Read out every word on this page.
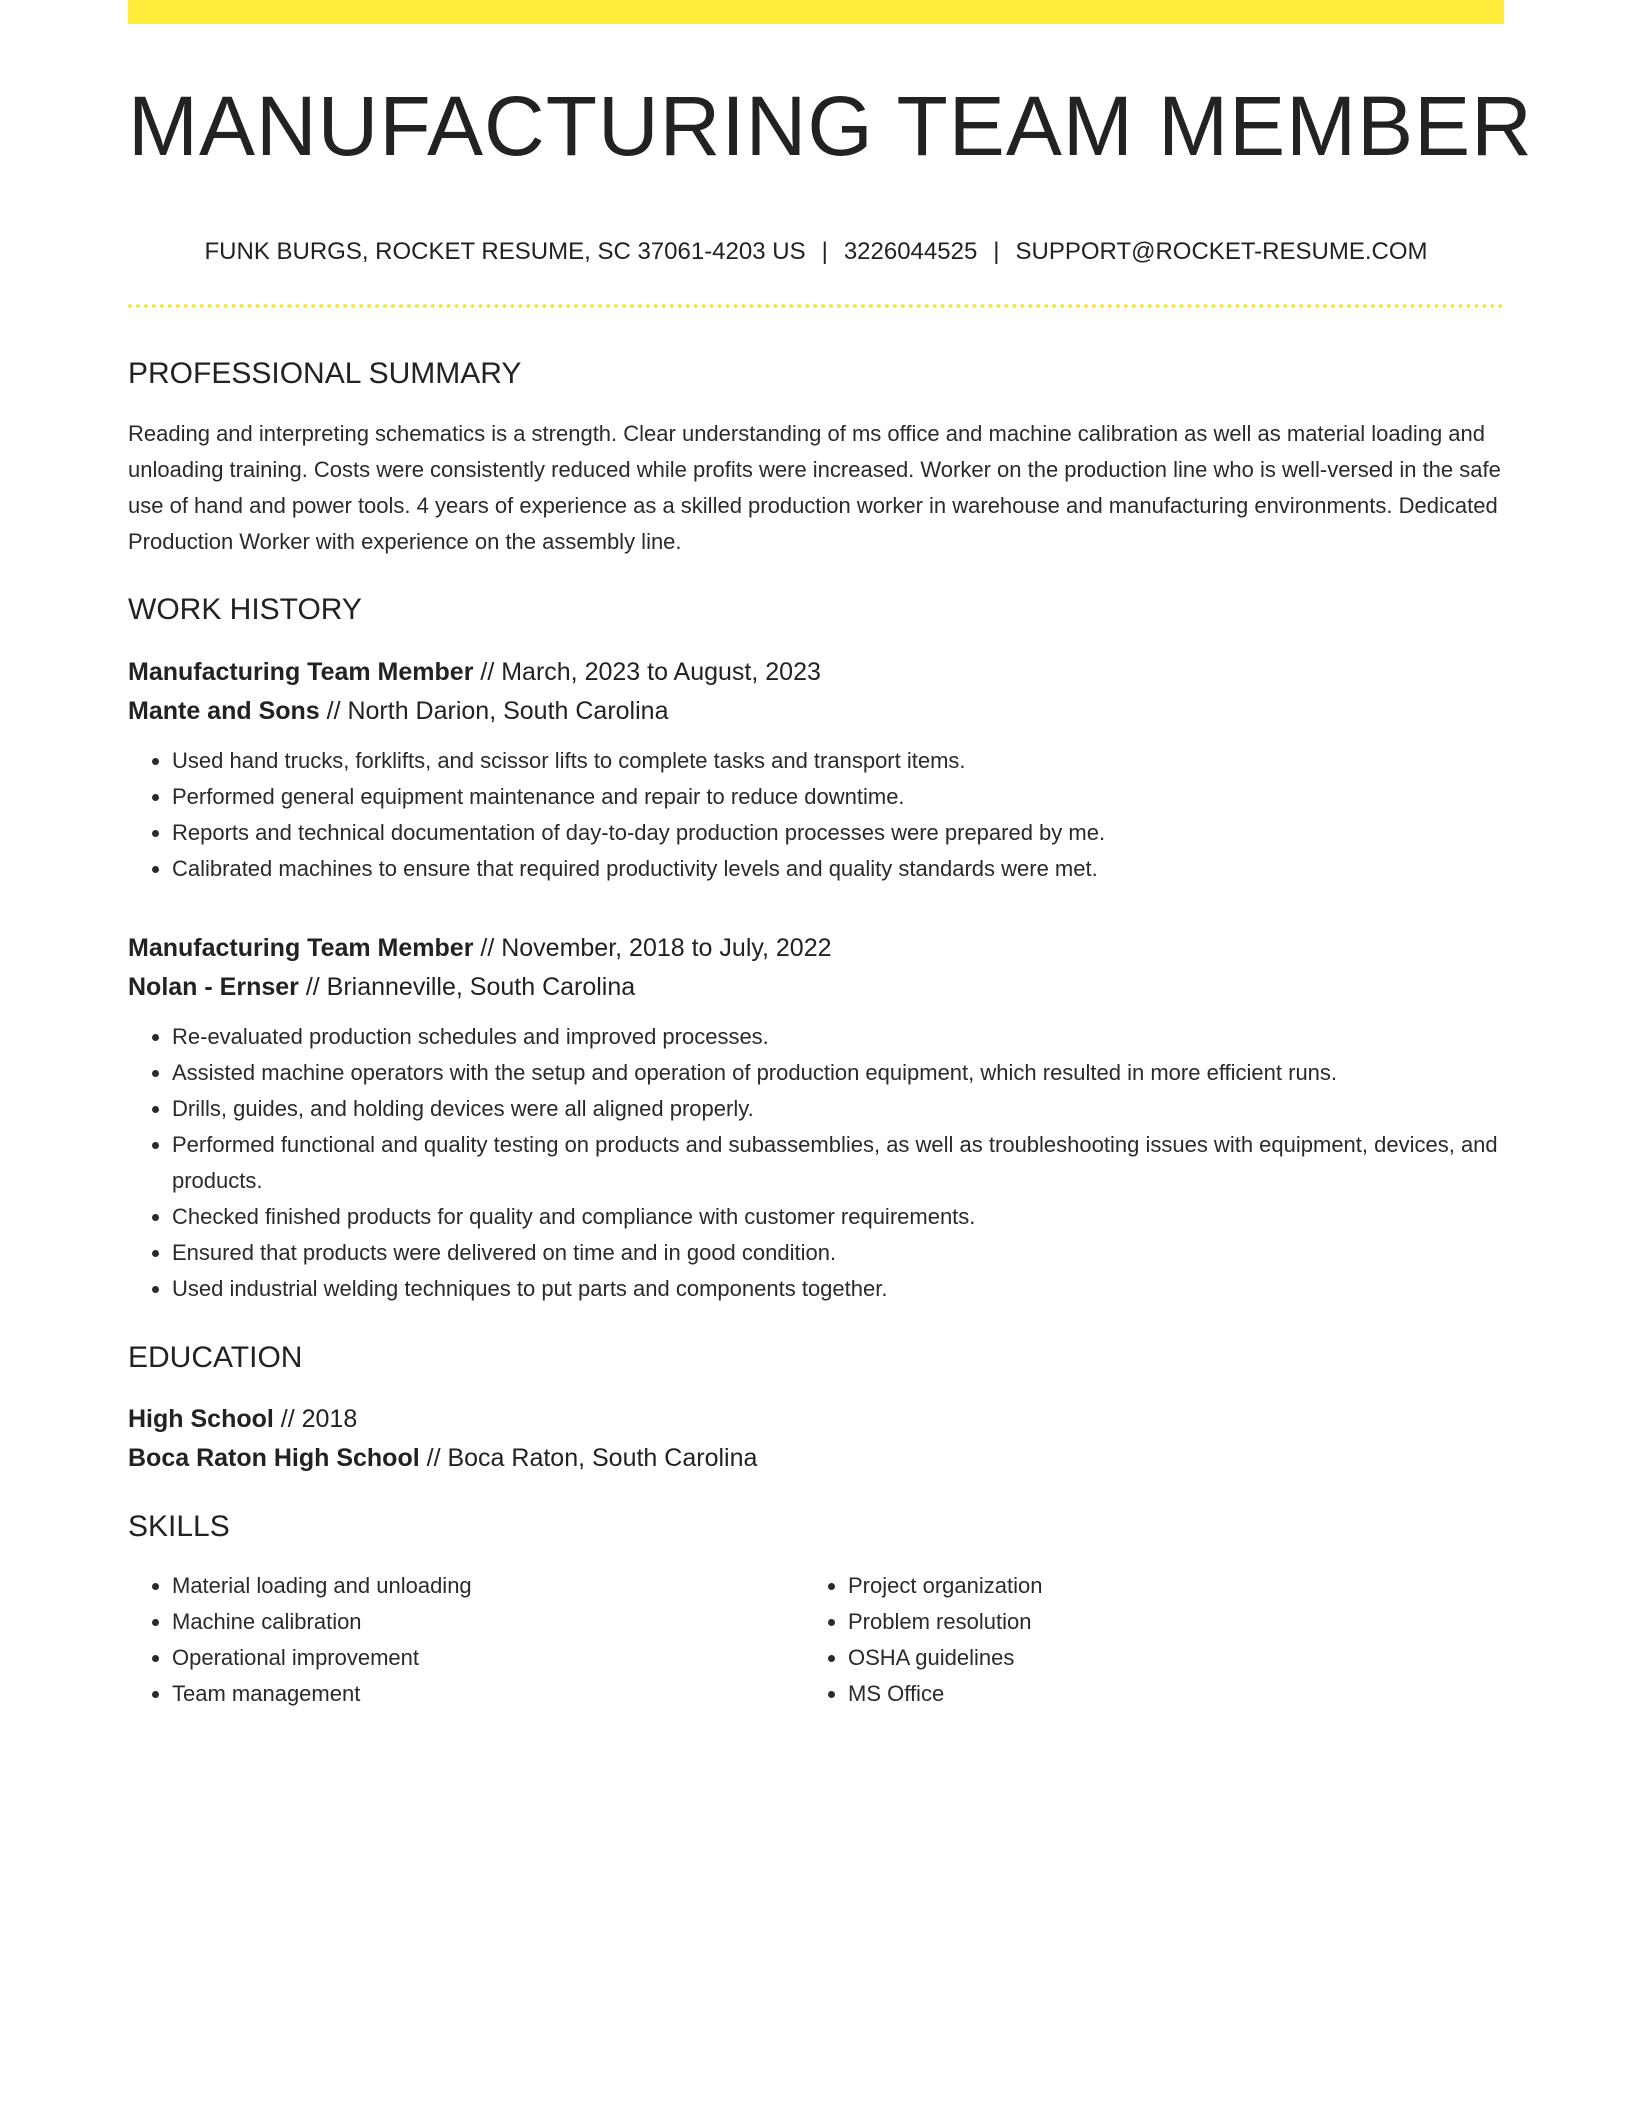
MANUFACTURING TEAM MEMBER
FUNK BURGS, ROCKET RESUME, SC 37061-4203 US | 3226044525 | SUPPORT@ROCKET-RESUME.COM
PROFESSIONAL SUMMARY
Reading and interpreting schematics is a strength. Clear understanding of ms office and machine calibration as well as material loading and unloading training. Costs were consistently reduced while profits were increased. Worker on the production line who is well-versed in the safe use of hand and power tools. 4 years of experience as a skilled production worker in warehouse and manufacturing environments. Dedicated Production Worker with experience on the assembly line.
WORK HISTORY
Manufacturing Team Member // March, 2023 to August, 2023
Mante and Sons // North Darion, South Carolina
• Used hand trucks, forklifts, and scissor lifts to complete tasks and transport items.
• Performed general equipment maintenance and repair to reduce downtime.
• Reports and technical documentation of day-to-day production processes were prepared by me.
• Calibrated machines to ensure that required productivity levels and quality standards were met.
Manufacturing Team Member // November, 2018 to July, 2022
Nolan - Ernser // Brianneville, South Carolina
• Re-evaluated production schedules and improved processes.
• Assisted machine operators with the setup and operation of production equipment, which resulted in more efficient runs.
• Drills, guides, and holding devices were all aligned properly.
• Performed functional and quality testing on products and subassemblies, as well as troubleshooting issues with equipment, devices, and products.
• Checked finished products for quality and compliance with customer requirements.
• Ensured that products were delivered on time and in good condition.
• Used industrial welding techniques to put parts and components together.
EDUCATION
High School // 2018
Boca Raton High School // Boca Raton, South Carolina
SKILLS
• Material loading and unloading
• Machine calibration
• Operational improvement
• Team management
• Project organization
• Problem resolution
• OSHA guidelines
• MS Office
